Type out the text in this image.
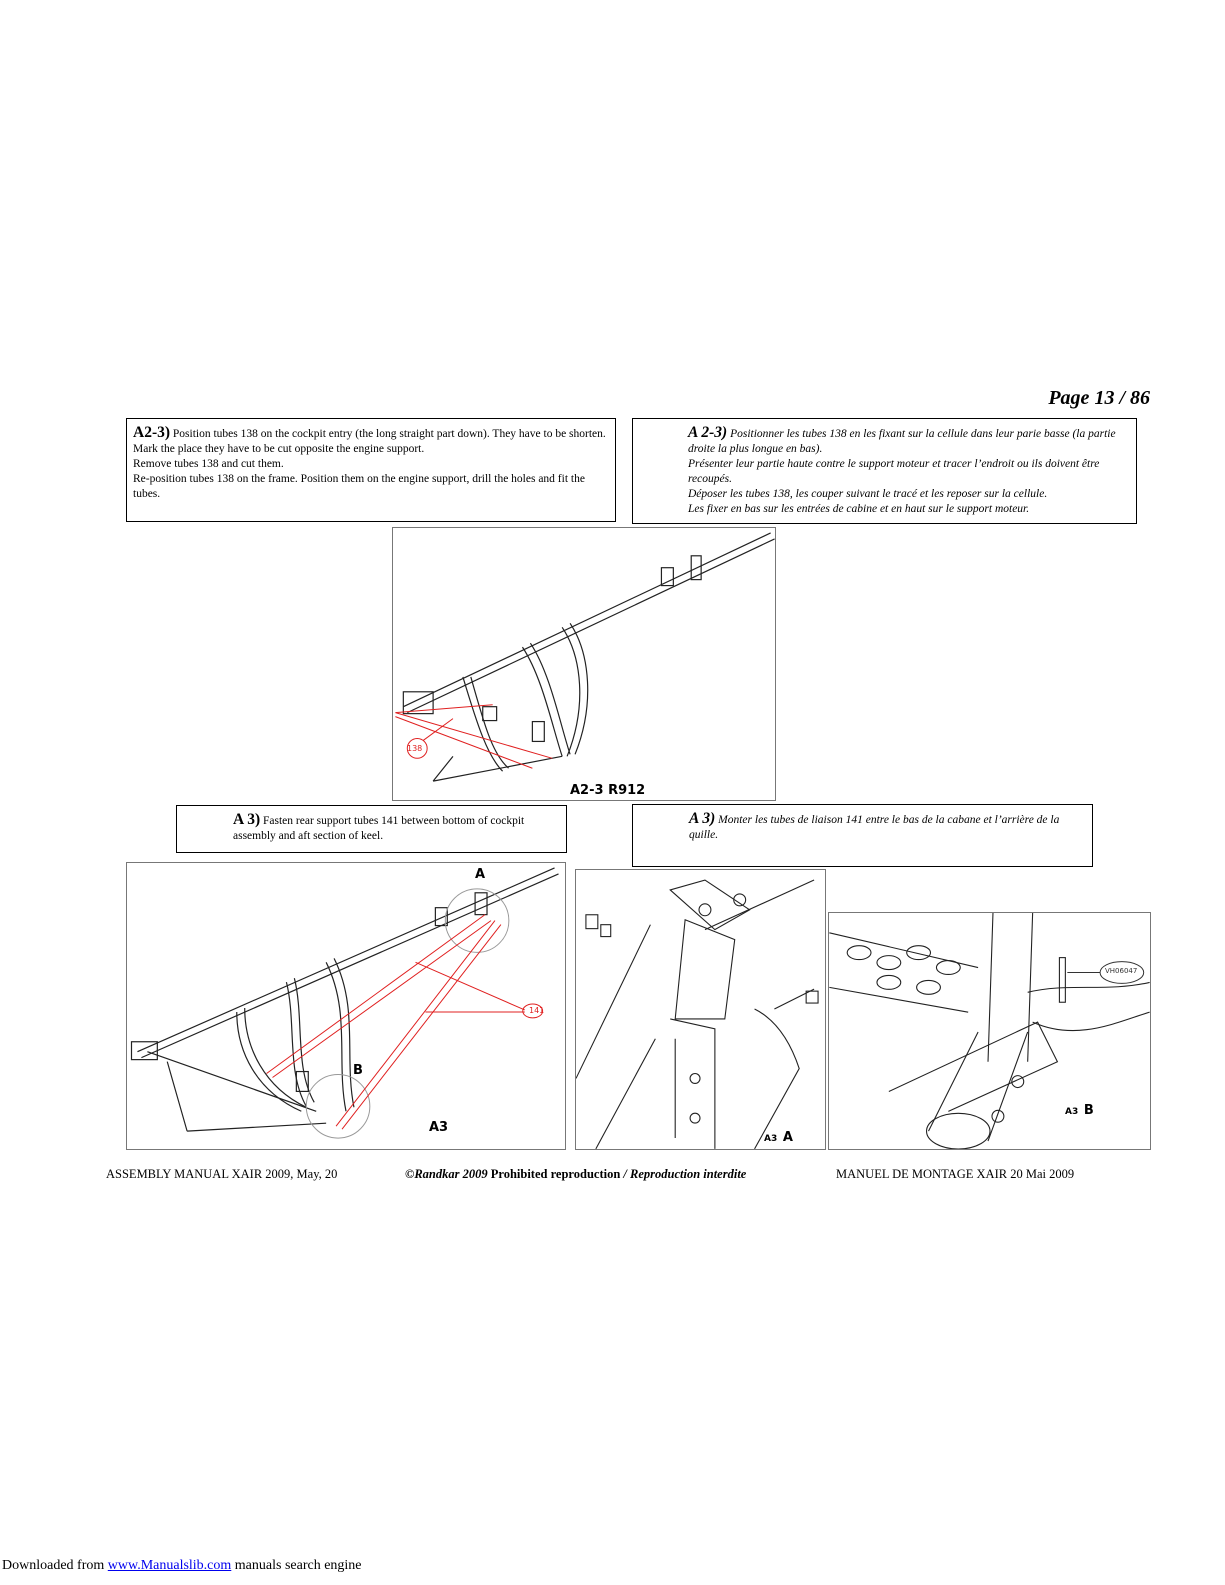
Page 13 / 86

A2-3) Position tubes 138 on the cockpit entry (the long straight part down). They have to be shorten.

Mark the place they have to be cut opposite the engine support.

Remove tubes 138 and cut them.

Re-position tubes 138 on the frame. Position them on the engine support, drill the holes and fit the tubes.

A 2-3) Positionner les tubes 138 en les fixant sur la cellule dans leur parie basse (la partie droite la plus longue en bas).

Présenter leur partie haute contre le support moteur et tracer l’endroit ou ils doivent être recoupés.

Déposer les tubes 138, les couper suivant le tracé et les reposer sur la cellule.

Les fixer en bas sur les entrées de cabine et en haut sur le support moteur.

138
A2-3 R912

A 3) Fasten rear support tubes 141 between bottom of cockpit assembly and aft section of keel.

A 3) Monter les tubes de liaison 141 entre le bas de la cabane et l’arrière de la quille.

141
A
B
A3
A3 A
VH06047
A3 B
ASSEMBLY MANUAL XAIR 2009, May, 20	©Randkar 2009 Prohibited reproduction / Reproduction interdite	MANUEL DE MONTAGE XAIR 20 Mai 2009
Downloaded from www.Manualslib.com manuals search engine
